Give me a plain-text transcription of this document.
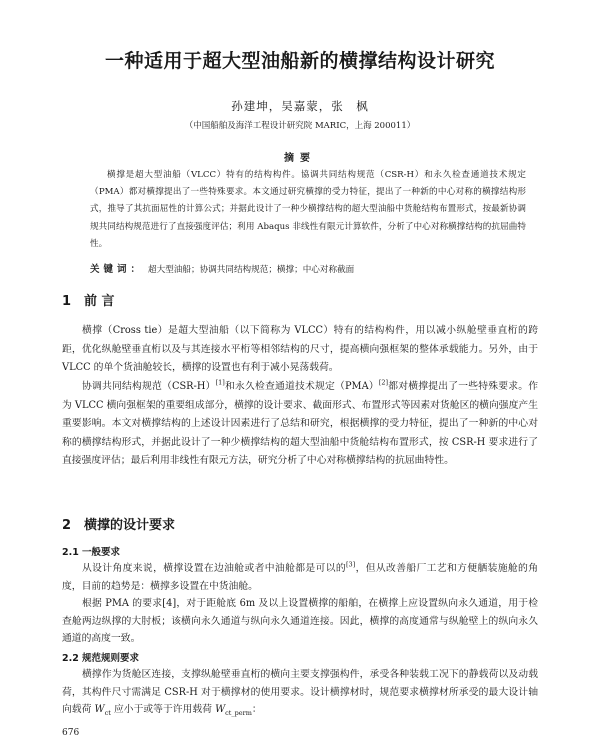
一种适用于超大型油船新的横撑结构设计研究
孙建坤，吴嘉蒙，张　枫
（中国船舶及海洋工程设计研究院 MARIC，上海 200011）
摘要
横撑是超大型油船（VLCC）特有的结构构件。協调共同结构规范（CSR-H）和永久检查通道技术规定（PMA）都对横撑提出了一些特殊要求。本文通过研究横撑的受力特征，提出了一种新的中心对称的横撑结构形式，推导了其抗面屈性的计算公式；并据此设计了一种少横撑结构的超大型油船中货舱结构布置形式，按最新协调规共同结构规范进行了直接强度评估；利用 Abaqus 非线性有限元计算软件，分析了中心对称横撑结构的抗屈曲特性。
关键词： 超大型油船；协调共同结构规范；横撑；中心对称截面
1 前 言
横撑（Cross tie）是超大型油船（以下简称为 VLCC）特有的结构构件，用以减小纵舱壁垂直桁的跨距，优化纵舱壁垂直桁以及与其连接水平桁等相邻结构的尺寸，提高横向强框架的整体承载能力。另外，由于 VLCC 的单个货油舱较长，横撑的设置也有利于减小晃荡载荷。
协调共同结构规范（CSR-H）[1]和永久检查通道技术规定（PMA）[2]都对横撑提出了一些特殊要求。作为 VLCC 横向强框架的重要组成部分，横撑的设计要求、截面形式、布置形式等因素对货舱区的横向强度产生重要影响。本文对横撑结构的上述设计因素进行了总结和研究，根据横撑的受力特征，提出了一种新的中心对称的横撑结构形式，并据此设计了一种少横撑结构的超大型油船中货舱结构布置形式，按 CSR-H 要求进行了直接强度评估；最后利用非线性有限元方法，研究分析了中心对称横撑结构的抗屈曲特性。
2 横撑的设计要求
2.1 一般要求
从设计角度来说，横撑设置在边油舱或者中油舱都是可以的[3]，但从改善船厂工艺和方便舾装施舱的角度，目前的趋势是：横撑多设置在中货油舱。
根据 PMA 的要求[4]，对于距舱底 6m 及以上设置横撑的船舶，在横撑上应设置纵向永久通道，用于检查舱两边纵撑的大肘板；该横向永久通道与纵向永久通道连接。因此，横撑的高度通常与纵舱壁上的纵向永久通道的高度一致。
2.2 规范规则要求
横撑作为货舱区连接，支撑纵舱壁垂直桁的横向主要支撑强构件，承受各种装载工况下的静载荷以及动载荷，其构件尺寸需满足 CSR-H 对于横撑材的使用要求。设计横撑材时，规范要求横撑材所承受的最大设计轴向载荷 $W_{ct}$ 应小于或等于许用载荷 $W_{ct\_perm}$：
676
